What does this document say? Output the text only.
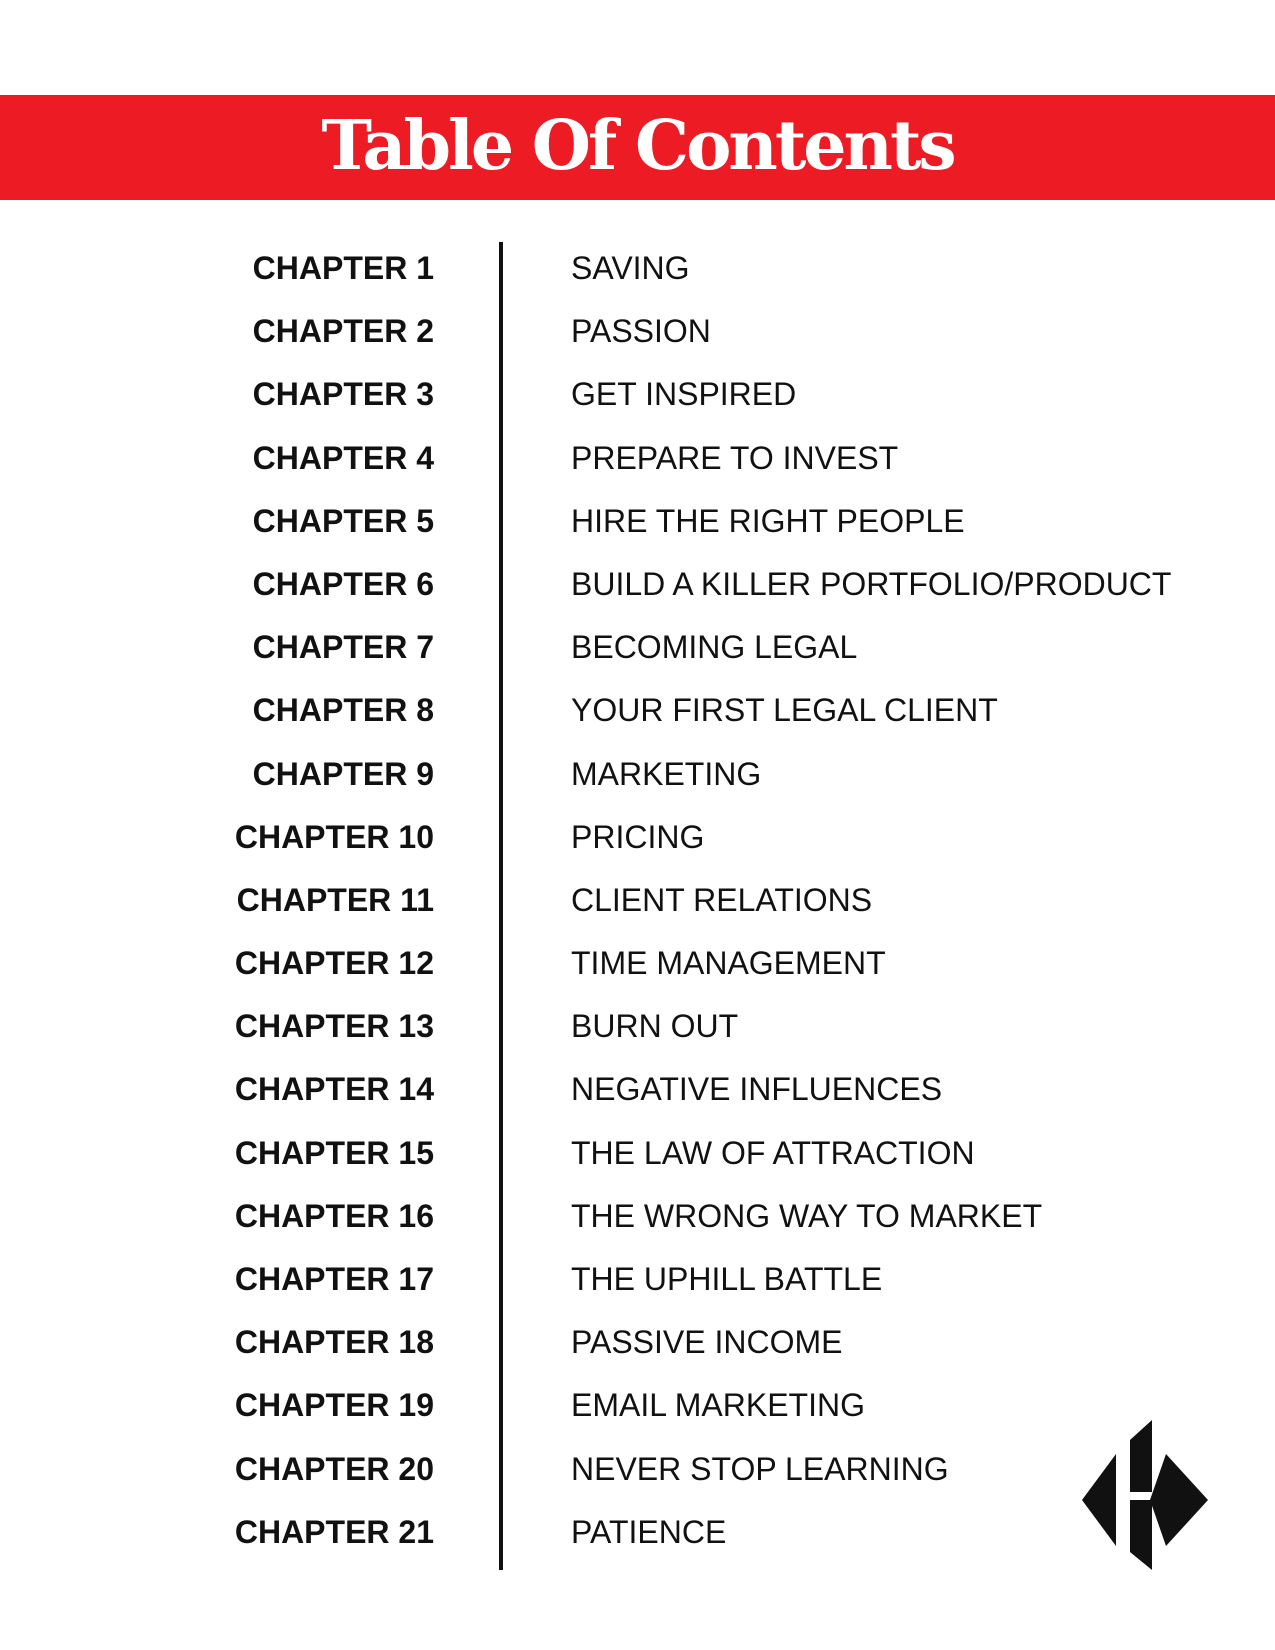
Table Of Contents
CHAPTER 1	SAVING
CHAPTER 2	PASSION
CHAPTER 3	GET INSPIRED
CHAPTER 4	PREPARE TO INVEST
CHAPTER 5	HIRE THE RIGHT PEOPLE
CHAPTER 6	BUILD A KILLER PORTFOLIO/PRODUCT
CHAPTER 7	BECOMING LEGAL
CHAPTER 8	YOUR FIRST LEGAL CLIENT
CHAPTER 9	MARKETING
CHAPTER 10	PRICING
CHAPTER 11	CLIENT RELATIONS
CHAPTER 12	TIME MANAGEMENT
CHAPTER 13	BURN OUT
CHAPTER 14	NEGATIVE INFLUENCES
CHAPTER 15	THE LAW OF ATTRACTION
CHAPTER 16	THE WRONG WAY TO MARKET
CHAPTER 17	THE UPHILL BATTLE
CHAPTER 18	PASSIVE INCOME
CHAPTER 19	EMAIL MARKETING
CHAPTER 20	NEVER STOP LEARNING
CHAPTER 21	PATIENCE
